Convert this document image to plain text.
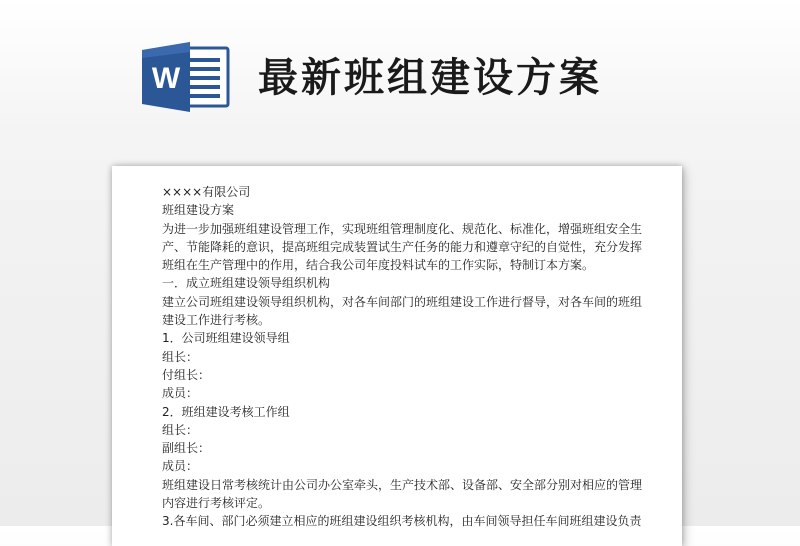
W 最新班组建设方案
××××有限公司
班组建设方案
为进一步加强班组建设管理工作，实现班组管理制度化、规范化、标准化，增强班组安全生
产、节能降耗的意识，提高班组完成装置试生产任务的能力和遵章守纪的自觉性，充分发挥
班组在生产管理中的作用，结合我公司年度投料试车的工作实际，特制订本方案。
一．成立班组建设领导组织机构
建立公司班组建设领导组织机构，对各车间部门的班组建设工作进行督导，对各车间的班组
建设工作进行考核。
1．公司班组建设领导组
组长：
付组长：
成员：
2．班组建设考核工作组
组长：
副组长：
成员：
班组建设日常考核统计由公司办公室牵头，生产技术部、设备部、安全部分别对相应的管理
内容进行考核评定。
3.各车间、部门必须建立相应的班组建设组织考核机构，由车间领导担任车间班组建设负责
